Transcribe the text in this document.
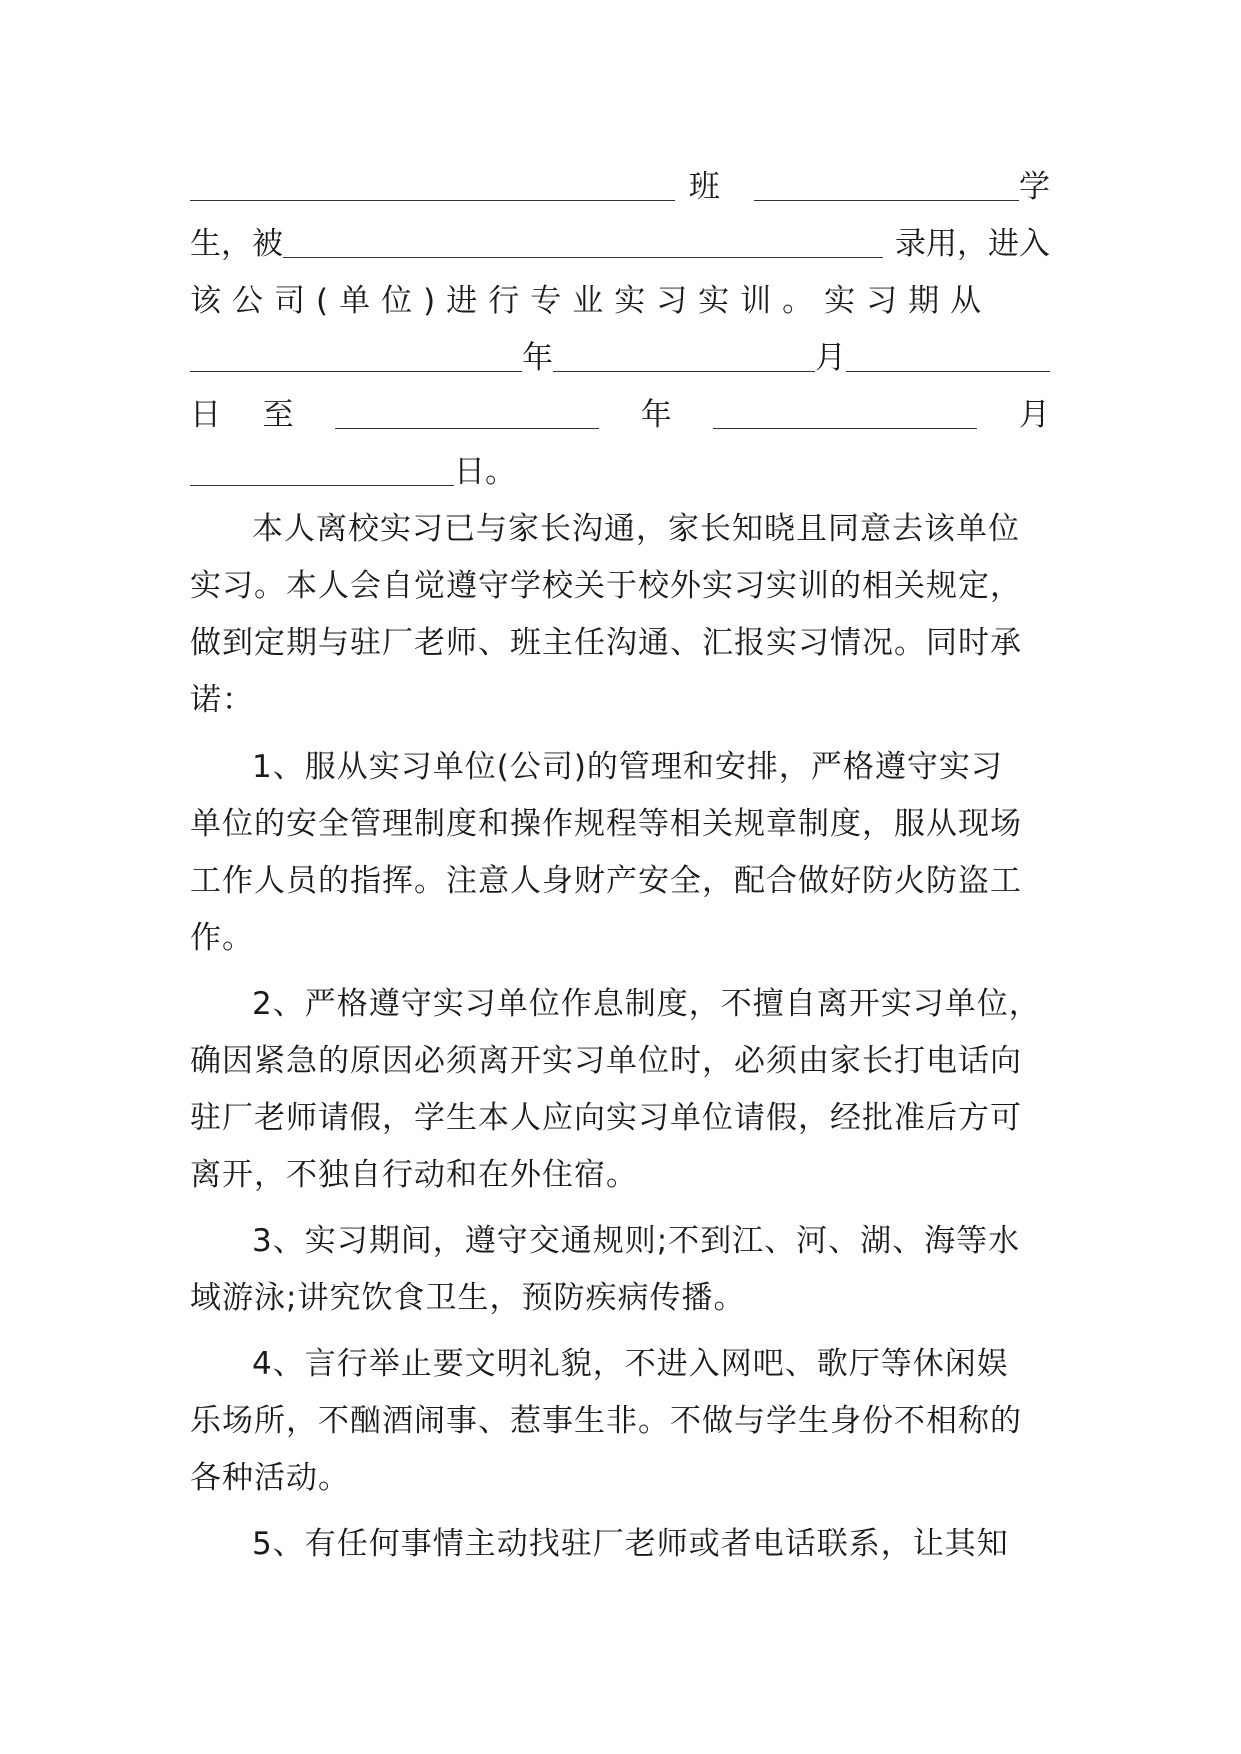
班	学
生，被	录用，进入
该公司(单位)进行专业实习实训。实习期从
年	月
日 至	年	月
日。
本人离校实习已与家长沟通，家长知晓且同意去该单位
实习。本人会自觉遵守学校关于校外实习实训的相关规定，
做到定期与驻厂老师、班主任沟通、汇报实习情况。同时承
诺：
1、服从实习单位(公司)的管理和安排，严格遵守实习
单位的安全管理制度和操作规程等相关规章制度，服从现场
工作人员的指挥。注意人身财产安全，配合做好防火防盗工
作。
2、严格遵守实习单位作息制度，不擅自离开实习单位，
确因紧急的原因必须离开实习单位时，必须由家长打电话向
驻厂老师请假，学生本人应向实习单位请假，经批准后方可
离开，不独自行动和在外住宿。
3、实习期间，遵守交通规则;不到江、河、湖、海等水
域游泳;讲究饮食卫生，预防疾病传播。
4、言行举止要文明礼貌，不进入网吧、歌厅等休闲娱
乐场所，不酗酒闹事、惹事生非。不做与学生身份不相称的
各种活动。
5、有任何事情主动找驻厂老师或者电话联系，让其知
